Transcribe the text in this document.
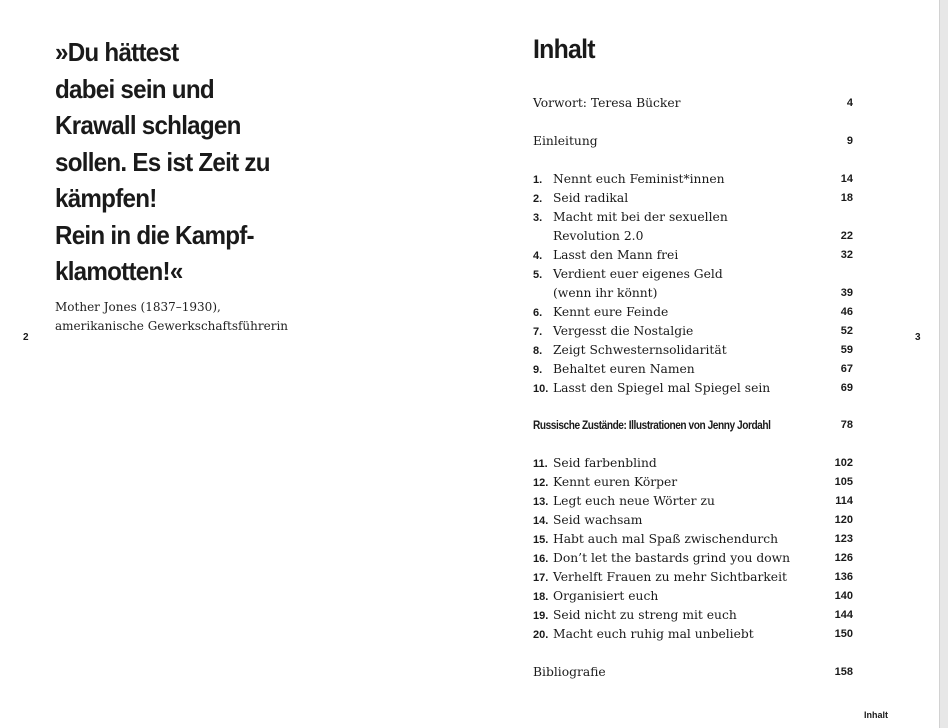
»Du hättest
dabei sein und
Krawall schlagen
sollen. Es ist Zeit zu
kämpfen!
Rein in die Kampf-
klamotten!«
Mother Jones (1837–1930),
amerikanische Gewerkschaftsführerin
2	3
Inhalt
Vorwort: Teresa Bücker	4
Einleitung	9
1. Nennt euch Feminist*innen	14
2. Seid radikal	18
3. Macht mit bei der sexuellen
Revolution 2.0	22
4. Lasst den Mann frei	32
5. Verdient euer eigenes Geld
(wenn ihr könnt)	39
6. Kennt eure Feinde	46
7. Vergesst die Nostalgie	52
8. Zeigt Schwesternsolidarität	59
9. Behaltet euren Namen	67
10. Lasst den Spiegel mal Spiegel sein	69
Russische Zustände: Illustrationen von Jenny Jordahl	78
11. Seid farbenblind	102
12. Kennt euren Körper	105
13. Legt euch neue Wörter zu	114
14. Seid wachsam	120
15. Habt auch mal Spaß zwischendurch	123
16. Don’t let the bastards grind you down	126
17. Verhelft Frauen zu mehr Sichtbarkeit	136
18. Organisiert euch	140
19. Seid nicht zu streng mit euch	144
20. Macht euch ruhig mal unbeliebt	150
Bibliografie	158
Inhalt
